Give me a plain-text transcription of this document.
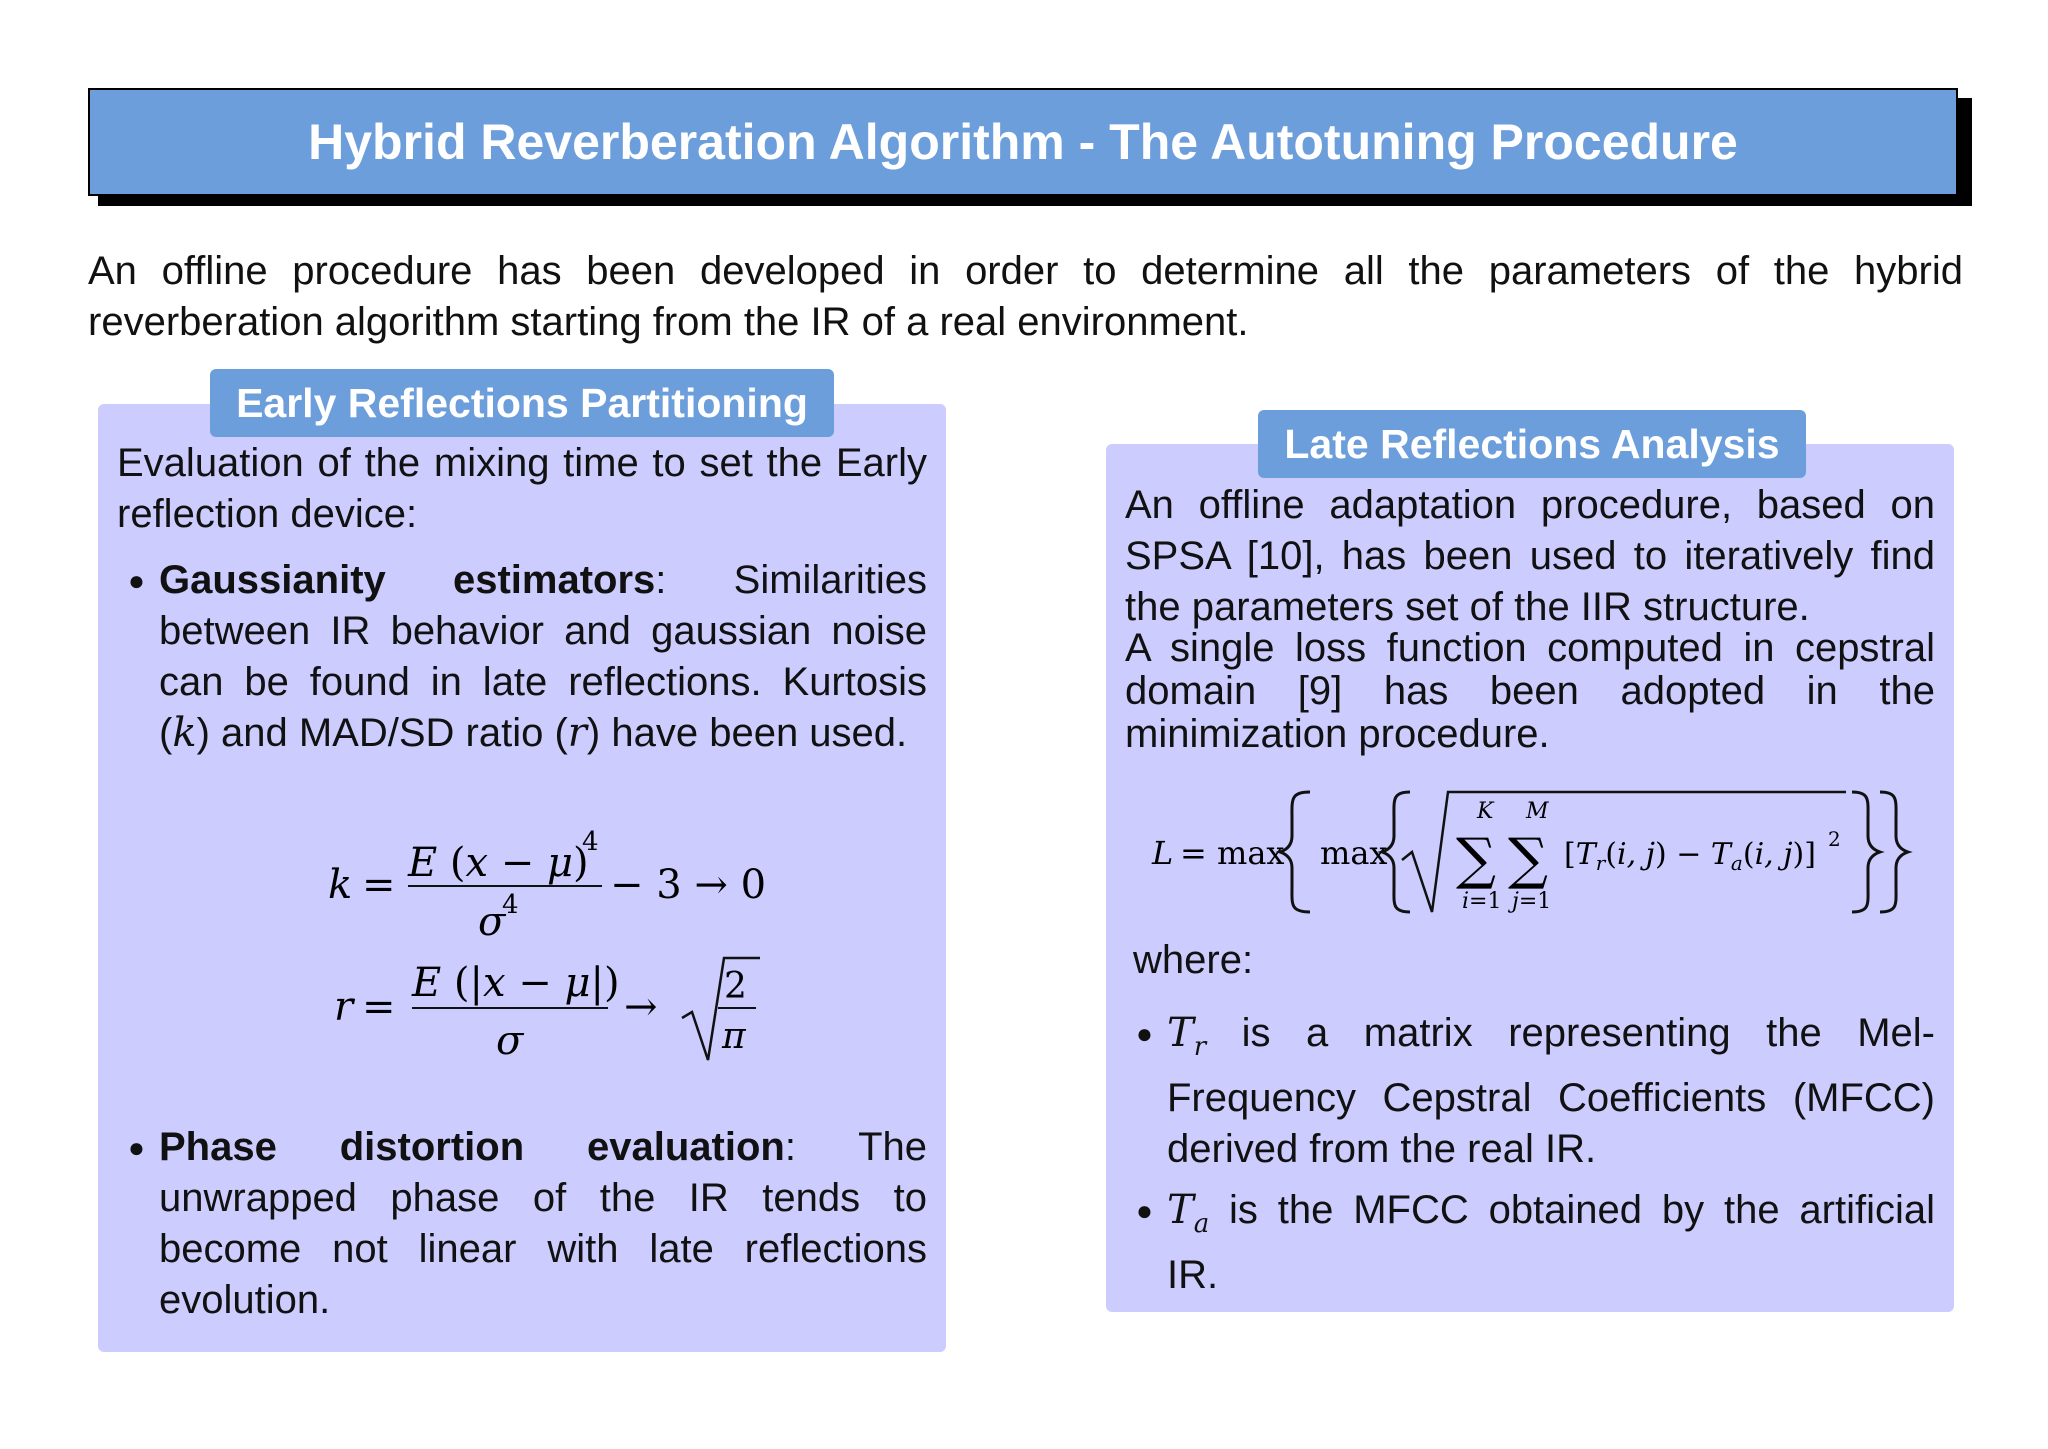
Hybrid Reverberation Algorithm - The Autotuning Procedure

An offline procedure has been developed in order to determine all the parameters of the hybrid reverberation algorithm starting from the IR of a real environment.

Early Reflections Partitioning

Evaluation of the mixing time to set the Early reflection device:

● Gaussianity estimators: Similarities between IR behavior and gaussian noise can be found in late reflections. Kurtosis (k) and MAD/SD ratio (r) have been used.

k = E (x − μ)
4
σ
4 − 3 → 0
r =
E (|x − μ|)
σ
→ 2
π
● Phase distortion evaluation: The unwrapped phase of the IR tends to become not linear with late reflections evolution.

Late Reflections Analysis

An offline adaptation procedure, based on SPSA [10], has been used to iteratively find the parameters set of the IIR structure.

A single loss function computed in cepstral domain [9] has been adopted in the minimization procedure.

L = max max
K
∑
i=1
M
∑
j=1
[$T_r(i$, $j) - T_a(i$, j)] 2

where:

● $T_r$ is a matrix representing the Mel-Frequency Cepstral Coefficients (MFCC) derived from the real IR.

● $T_a$ is the MFCC obtained by the artificial IR.
